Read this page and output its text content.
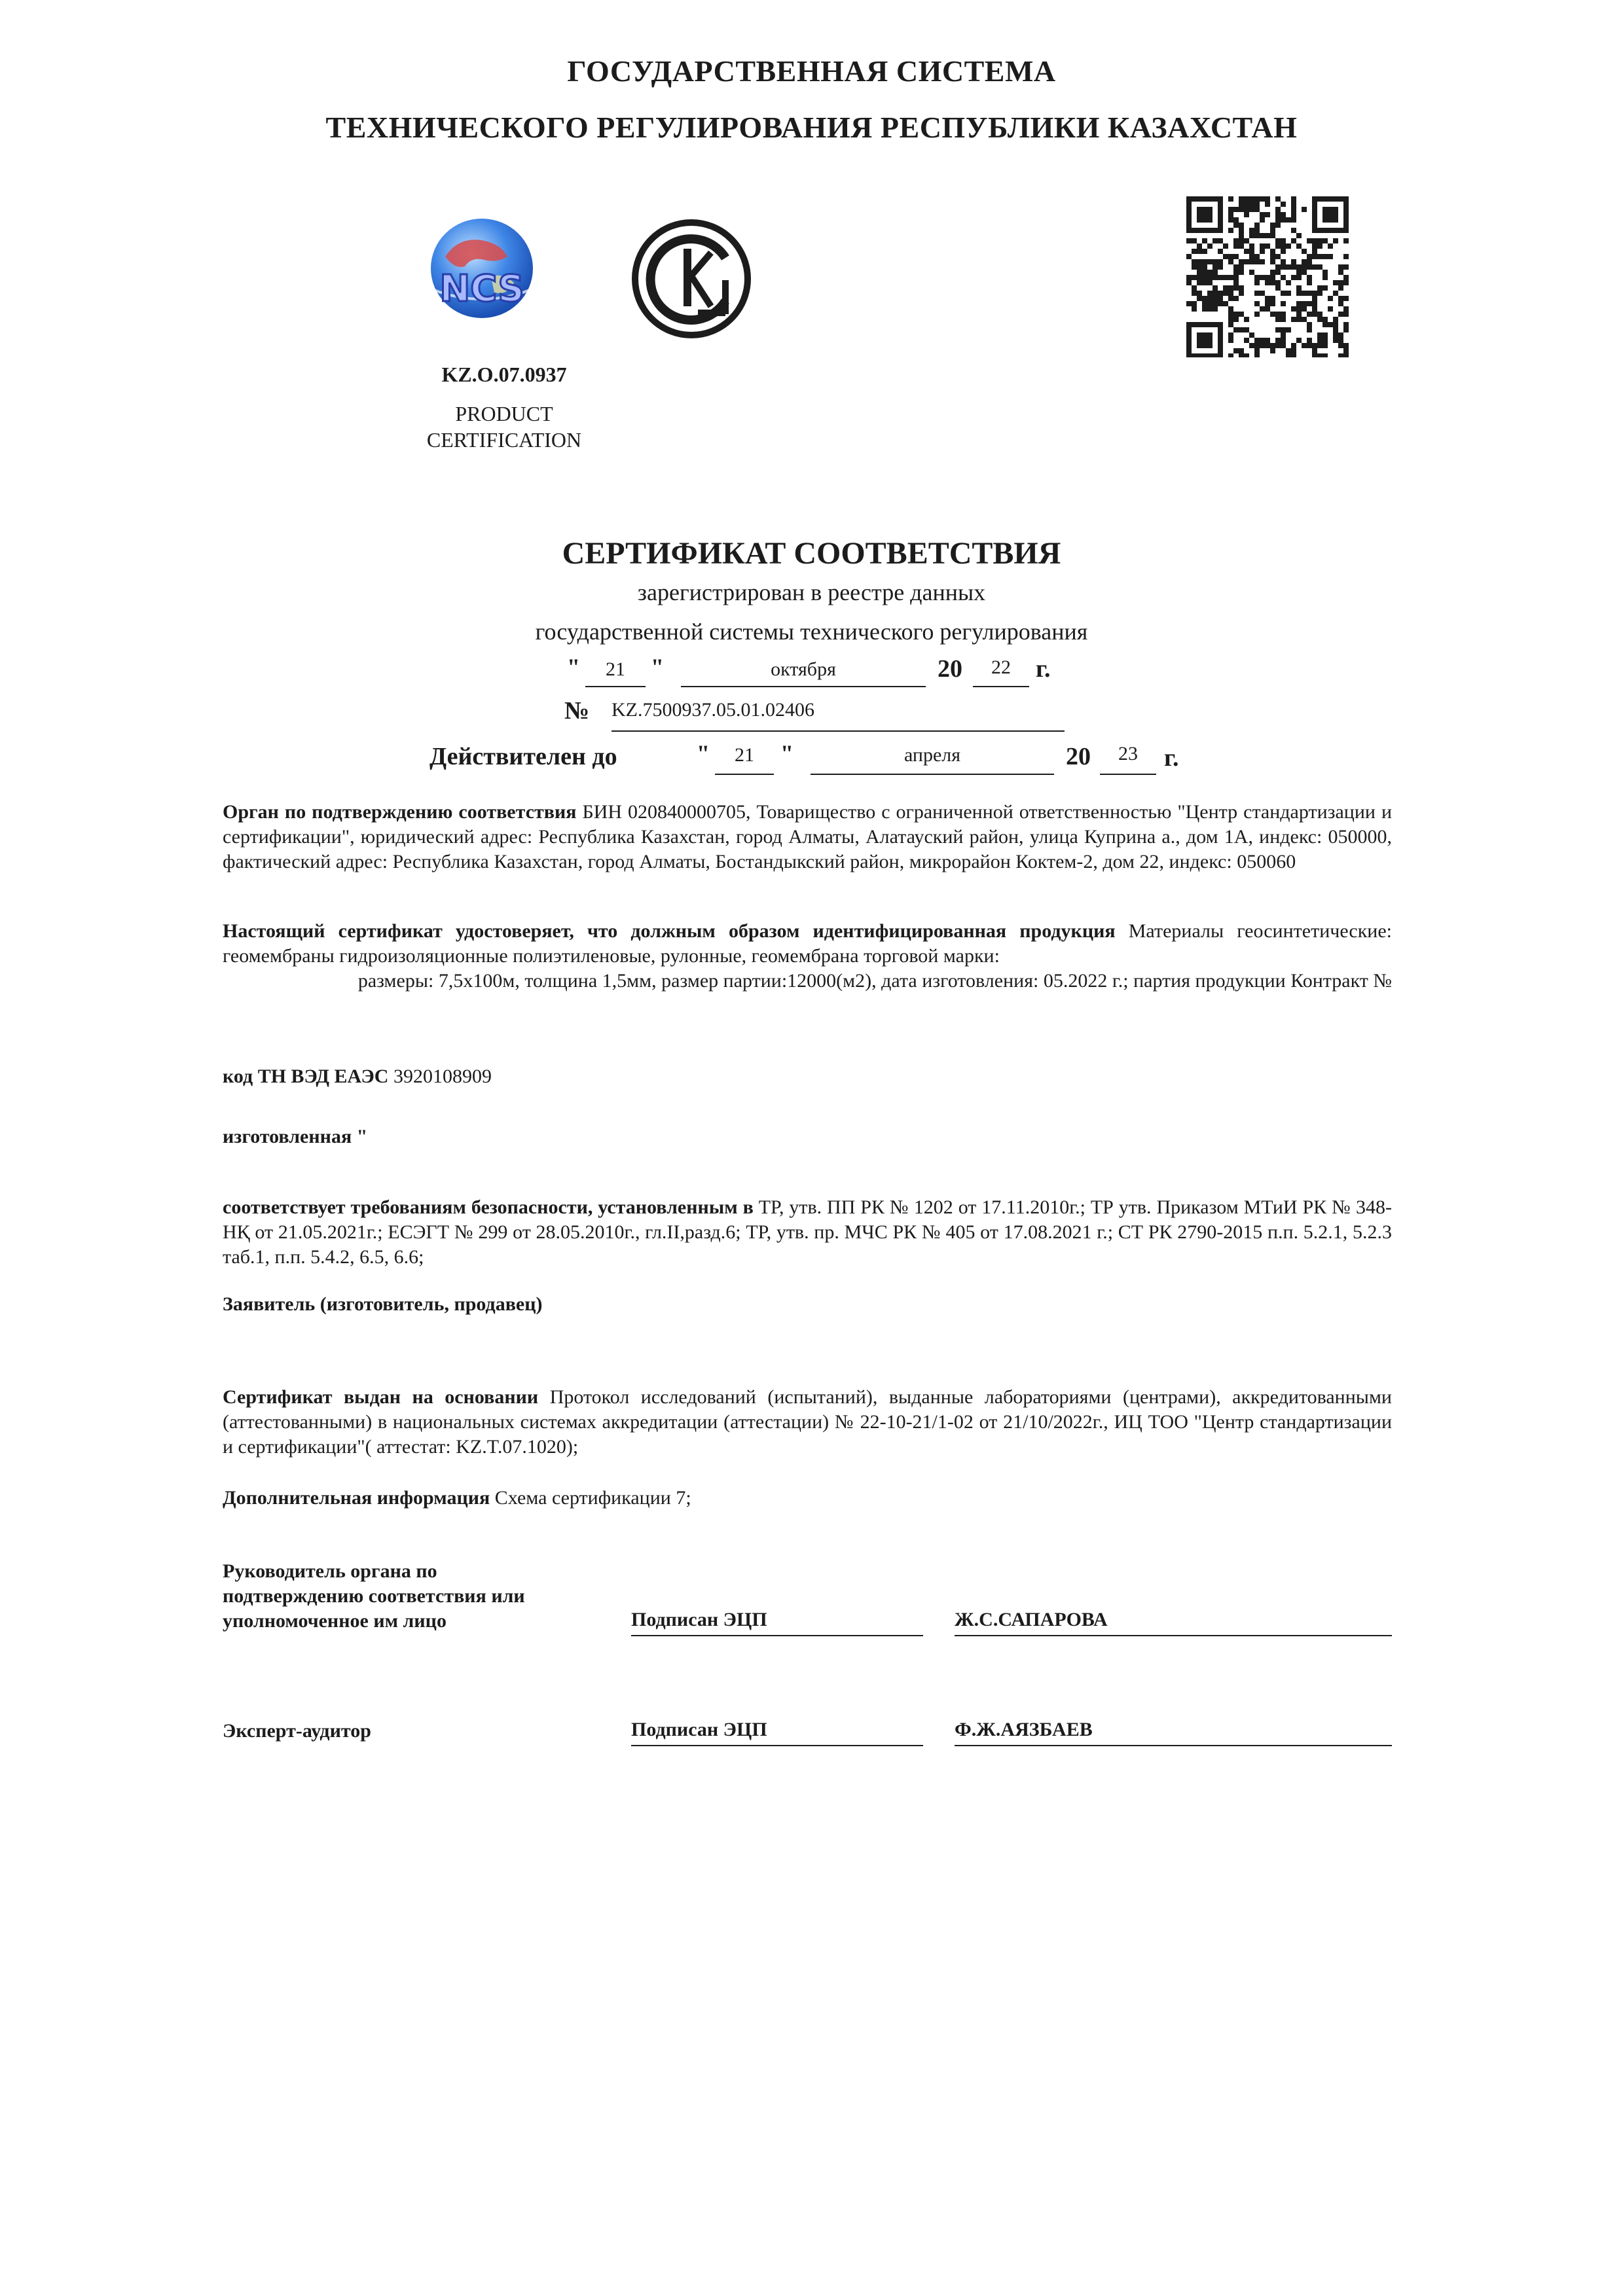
ГОСУДАРСТВЕННАЯ СИСТЕМА
ТЕХНИЧЕСКОГО РЕГУЛИРОВАНИЯ РЕСПУБЛИКИ КАЗАХСТАН
NCS
KZ.O.07.0937
PRODUCT
CERTIFICATION
СЕРТИФИКАТ СООТВЕТСТВИЯ
зарегистрирован в реестре данных
государственной системы технического регулирования
"	21	"	октября	20	22	г.
№ KZ.7500937.05.01.02406
Действителен до	"	21	"	апреля	20	23	г.

Орган по подтверждению соответствия БИН 020840000705, Товарищество с ограниченной ответственностью "Центр стандартизации и сертификации", юридический адрес: Республика Казахстан, город Алматы, Алатауский район, улица Куприна а., дом 1А, индекс: 050000, фактический адрес: Республика Казахстан, город Алматы, Бостандыкский район, микрорайон Коктем-2, дом 22, индекс: 050060

Настоящий сертификат удостоверяет, что должным образом идентифицированная продукция Материалы геосинтетические: геомембраны гидроизоляционные полиэтиленовые, рулонные, геомембрана торговой марки:

размеры: 7,5х100м, толщина 1,5мм, размер партии:12000(м2), дата изготовления: 05.2022 г.; партия продукции Контракт №

код ТН ВЭД ЕАЭС 3920108909

изготовленная "

соответствует требованиям безопасности, установленным в ТР, утв. ПП РК № 1202 от 17.11.2010г.; ТР утв. Приказом МТиИ РК № 348-НҚ от 21.05.2021г.; ЕСЭГТ № 299 от 28.05.2010г., гл.II,разд.6; ТР, утв. пр. МЧС РК № 405 от 17.08.2021 г.; СТ РК 2790-2015 п.п. 5.2.1, 5.2.3 таб.1, п.п. 5.4.2, 6.5, 6.6;

Заявитель (изготовитель, продавец)

Сертификат выдан на основании Протокол исследований (испытаний), выданные лабораториями (центрами), аккредитованными (аттестованными) в национальных системах аккредитации (аттестации) № 22-10-21/1-02 от 21/10/2022г., ИЦ ТОО "Центр стандартизации и сертификации"( аттестат: KZ.T.07.1020);

Дополнительная информация Схема сертификации 7;

Руководитель органа по
подтверждению соответствия или
уполномоченное им лицо	Подписан ЭЦП	Ж.С.САПАРОВА
Эксперт-аудитор	Подписан ЭЦП	Ф.Ж.АЯЗБАЕВ
